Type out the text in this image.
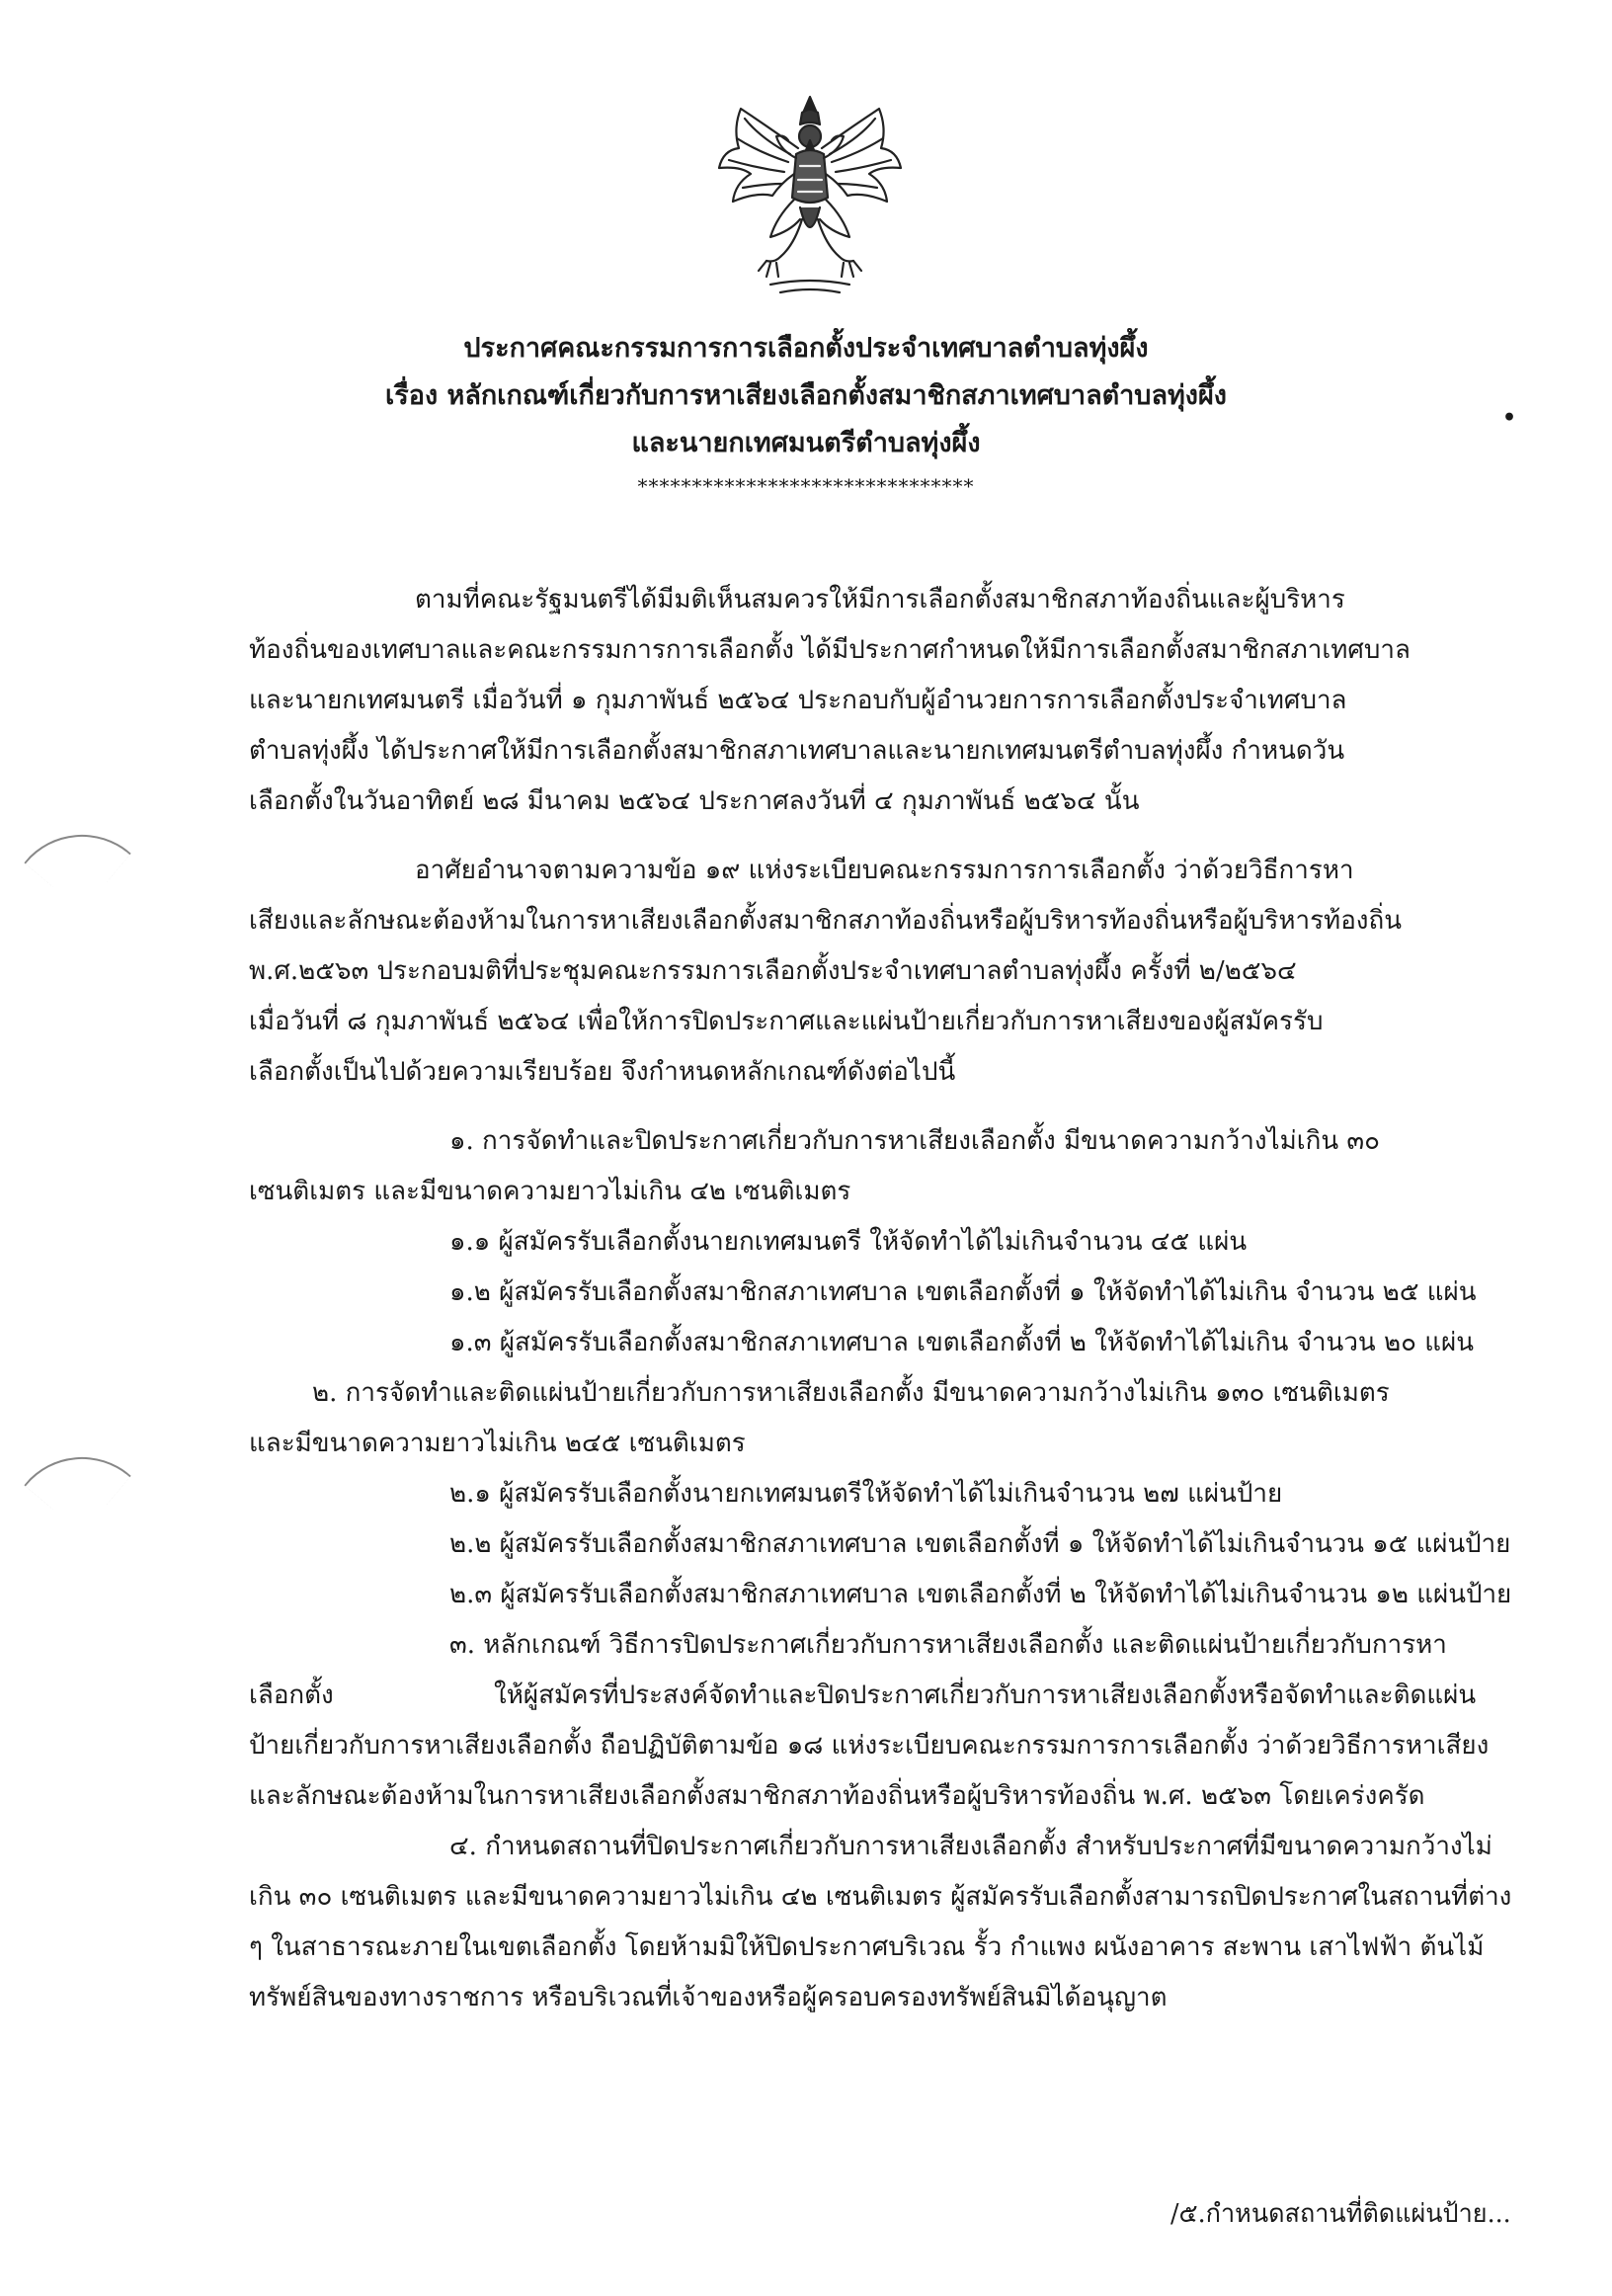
ประกาศคณะกรรมการการเลือกตั้งประจำเทศบาลตำบลทุ่งผึ้ง
เรื่อง หลักเกณฑ์เกี่ยวกับการหาเสียงเลือกตั้งสมาชิกสภาเทศบาลตำบลทุ่งผึ้ง
และนายกเทศมนตรีตำบลทุ่งผึ้ง
*******************************
•
ตามที่คณะรัฐมนตรีได้มีมติเห็นสมควรให้มีการเลือกตั้งสมาชิกสภาท้องถิ่นและผู้บริหาร
ท้องถิ่นของเทศบาลและคณะกรรมการการเลือกตั้ง ได้มีประกาศกำหนดให้มีการเลือกตั้งสมาชิกสภาเทศบาล
และนายกเทศมนตรี เมื่อวันที่ ๑ กุมภาพันธ์ ๒๕๖๔ ประกอบกับผู้อำนวยการการเลือกตั้งประจำเทศบาล
ตำบลทุ่งผึ้ง ได้ประกาศให้มีการเลือกตั้งสมาชิกสภาเทศบาลและนายกเทศมนตรีตำบลทุ่งผึ้ง กำหนดวัน
เลือกตั้งในวันอาทิตย์ ๒๘ มีนาคม ๒๕๖๔ ประกาศลงวันที่ ๔ กุมภาพันธ์ ๒๕๖๔ นั้น
อาศัยอำนาจตามความข้อ ๑๙ แห่งระเบียบคณะกรรมการการเลือกตั้ง ว่าด้วยวิธีการหา
เสียงและลักษณะต้องห้ามในการหาเสียงเลือกตั้งสมาชิกสภาท้องถิ่นหรือผู้บริหารท้องถิ่นหรือผู้บริหารท้องถิ่น
พ.ศ.๒๕๖๓ ประกอบมติที่ประชุมคณะกรรมการเลือกตั้งประจำเทศบาลตำบลทุ่งผึ้ง ครั้งที่ ๒/๒๕๖๔
เมื่อวันที่ ๘ กุมภาพันธ์ ๒๕๖๔ เพื่อให้การปิดประกาศและแผ่นป้ายเกี่ยวกับการหาเสียงของผู้สมัครรับ
เลือกตั้งเป็นไปด้วยความเรียบร้อย จึงกำหนดหลักเกณฑ์ดังต่อไปนี้
๑. การจัดทำและปิดประกาศเกี่ยวกับการหาเสียงเลือกตั้ง มีขนาดความกว้างไม่เกิน ๓๐
เซนติเมตร และมีขนาดความยาวไม่เกิน ๔๒ เซนติเมตร
๑.๑ ผู้สมัครรับเลือกตั้งนายกเทศมนตรี ให้จัดทำได้ไม่เกินจำนวน ๔๕ แผ่น
๑.๒ ผู้สมัครรับเลือกตั้งสมาชิกสภาเทศบาล เขตเลือกตั้งที่ ๑ ให้จัดทำได้ไม่เกิน จำนวน ๒๕ แผ่น
๑.๓ ผู้สมัครรับเลือกตั้งสมาชิกสภาเทศบาล เขตเลือกตั้งที่ ๒ ให้จัดทำได้ไม่เกิน จำนวน ๒๐ แผ่น
๒. การจัดทำและติดแผ่นป้ายเกี่ยวกับการหาเสียงเลือกตั้ง มีขนาดความกว้างไม่เกิน ๑๓๐ เซนติเมตร
และมีขนาดความยาวไม่เกิน ๒๔๕ เซนติเมตร
๒.๑ ผู้สมัครรับเลือกตั้งนายกเทศมนตรีให้จัดทำได้ไม่เกินจำนวน ๒๗ แผ่นป้าย
๒.๒ ผู้สมัครรับเลือกตั้งสมาชิกสภาเทศบาล เขตเลือกตั้งที่ ๑ ให้จัดทำได้ไม่เกินจำนวน ๑๕ แผ่นป้าย
๒.๓ ผู้สมัครรับเลือกตั้งสมาชิกสภาเทศบาล เขตเลือกตั้งที่ ๒ ให้จัดทำได้ไม่เกินจำนวน ๑๒ แผ่นป้าย
๓. หลักเกณฑ์ วิธีการปิดประกาศเกี่ยวกับการหาเสียงเลือกตั้ง และติดแผ่นป้ายเกี่ยวกับการหา
เลือกตั้ง	ให้ผู้สมัครที่ประสงค์จัดทำและปิดประกาศเกี่ยวกับการหาเสียงเลือกตั้งหรือจัดทำและติดแผ่น
ป้ายเกี่ยวกับการหาเสียงเลือกตั้ง ถือปฏิบัติตามข้อ ๑๘ แห่งระเบียบคณะกรรมการการเลือกตั้ง ว่าด้วยวิธีการหาเสียง
และลักษณะต้องห้ามในการหาเสียงเลือกตั้งสมาชิกสภาท้องถิ่นหรือผู้บริหารท้องถิ่น พ.ศ. ๒๕๖๓ โดยเคร่งครัด
๔. กำหนดสถานที่ปิดประกาศเกี่ยวกับการหาเสียงเลือกตั้ง สำหรับประกาศที่มีขนาดความกว้างไม่
เกิน ๓๐ เซนติเมตร และมีขนาดความยาวไม่เกิน ๔๒ เซนติเมตร ผู้สมัครรับเลือกตั้งสามารถปิดประกาศในสถานที่ต่าง
ๆ ในสาธารณะภายในเขตเลือกตั้ง โดยห้ามมิให้ปิดประกาศบริเวณ รั้ว กำแพง ผนังอาคาร สะพาน เสาไฟฟ้า ต้นไม้
ทรัพย์สินของทางราชการ หรือบริเวณที่เจ้าของหรือผู้ครอบครองทรัพย์สินมิได้อนุญาต
/๕.กำหนดสถานที่ติดแผ่นป้าย...
